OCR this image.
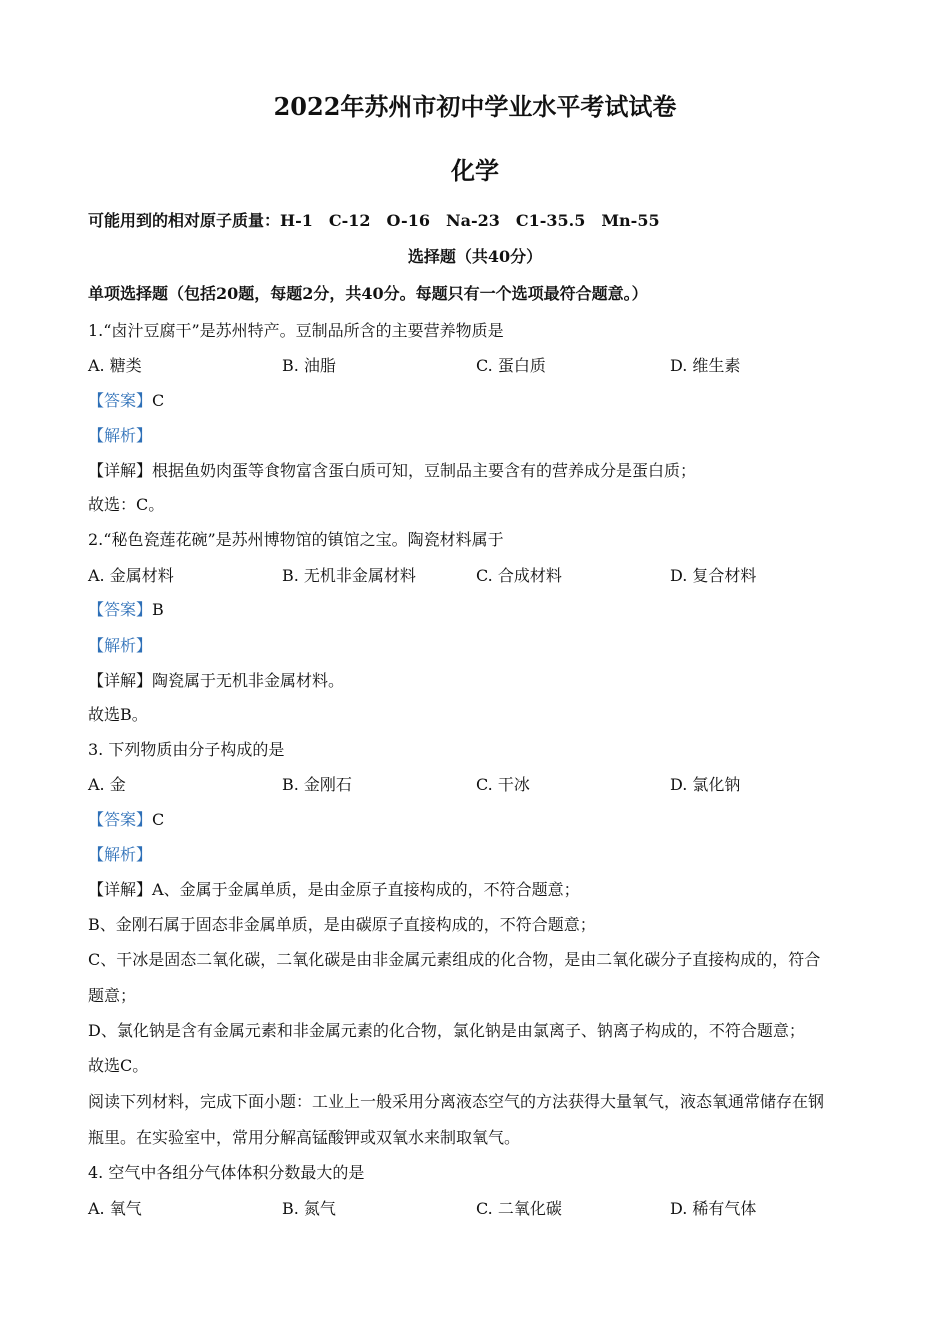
2022年苏州市初中学业水平考试试卷
化学
可能用到的相对原子质量：H-1　C-12　O-16　Na-23　C1-35.5　Mn-55
选择题（共40分）
单项选择题（包括20题，每题2分，共40分。每题只有一个选项最符合题意。）
1.“卤汁豆腐干”是苏州特产。豆制品所含的主要营养物质是
A. 糖类	B. 油脂	C. 蛋白质	D. 维生素
【答案】C
【解析】
【详解】根据鱼奶肉蛋等食物富含蛋白质可知，豆制品主要含有的营养成分是蛋白质；
故选：C。
2.“秘色瓷莲花碗”是苏州博物馆的镇馆之宝。陶瓷材料属于
A. 金属材料	B. 无机非金属材料	C. 合成材料	D. 复合材料
【答案】B
【解析】
【详解】陶瓷属于无机非金属材料。
故选B。
3. 下列物质由分子构成的是
A. 金	B. 金刚石	C. 干冰	D. 氯化钠
【答案】C
【解析】
【详解】A、金属于金属单质，是由金原子直接构成的，不符合题意；
B、金刚石属于固态非金属单质，是由碳原子直接构成的，不符合题意；
C、干冰是固态二氧化碳，二氧化碳是由非金属元素组成的化合物，是由二氧化碳分子直接构成的，符合
题意；
D、氯化钠是含有金属元素和非金属元素的化合物，氯化钠是由氯离子、钠离子构成的，不符合题意；
故选C。
阅读下列材料，完成下面小题：工业上一般采用分离液态空气的方法获得大量氧气，液态氧通常储存在钢
瓶里。在实验室中，常用分解高锰酸钾或双氧水来制取氧气。
4. 空气中各组分气体体积分数最大的是
A. 氧气	B. 氮气	C. 二氧化碳	D. 稀有气体
